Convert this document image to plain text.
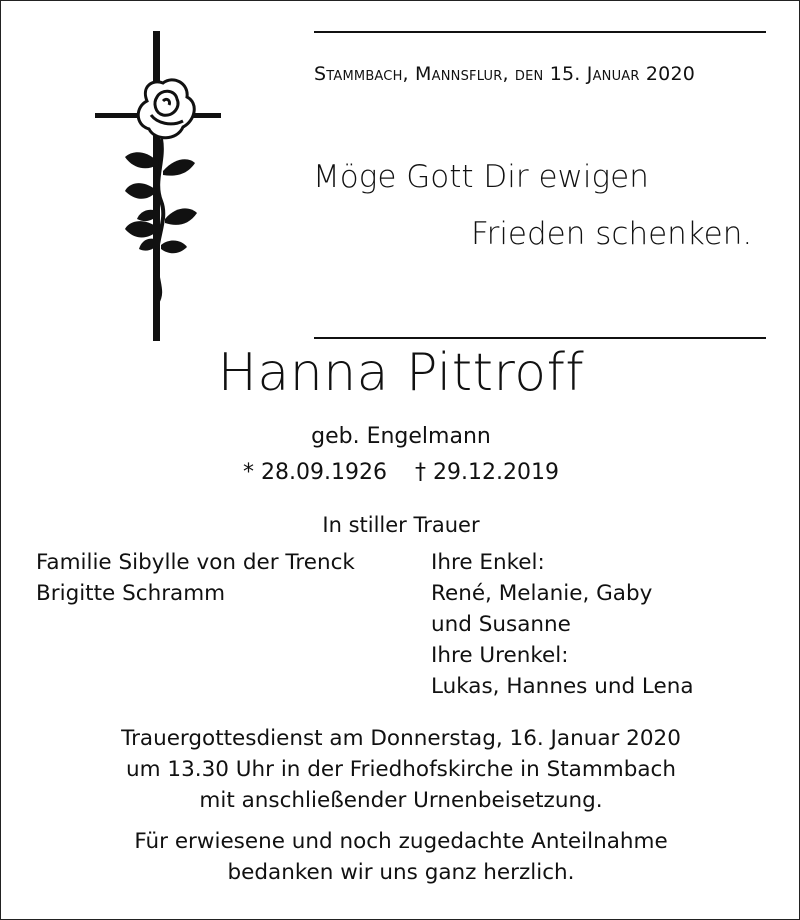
Stammbach, Mannsflur, den 15. Januar 2020
Möge Gott Dir ewigen
Frieden schenken.
Hanna Pittroff
geb. Engelmann
* 28.09.1926 † 29.12.2019
In stiller Trauer
Familie Sibylle von der Trenck
Brigitte Schramm
Ihre Enkel:
René, Melanie, Gaby
und Susanne
Ihre Urenkel:
Lukas, Hannes und Lena
Trauergottesdienst am Donnerstag, 16. Januar 2020
um 13.30 Uhr in der Friedhofskirche in Stammbach
mit anschließender Urnenbeisetzung.
Für erwiesene und noch zugedachte Anteilnahme
bedanken wir uns ganz herzlich.
